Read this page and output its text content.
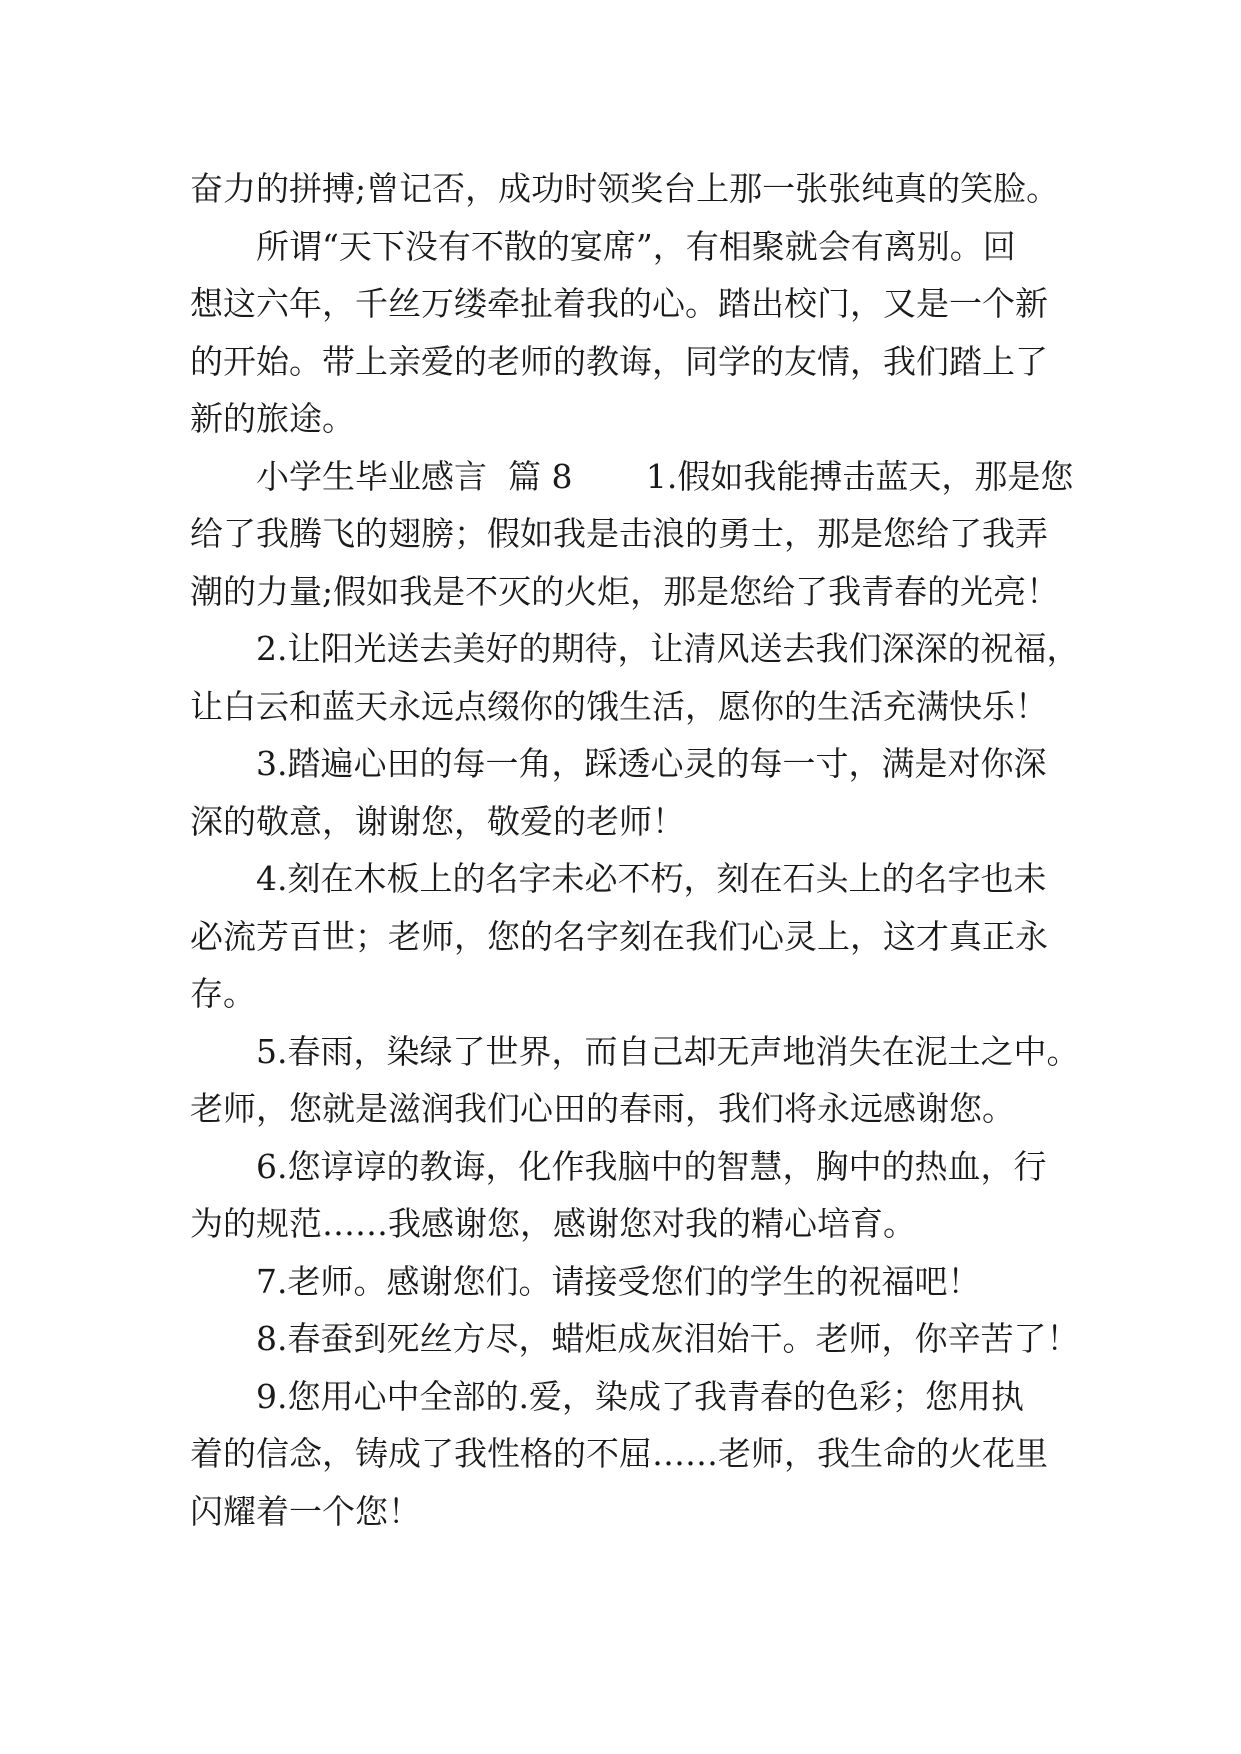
奋力的拼搏;曾记否，成功时领奖台上那一张张纯真的笑脸。
所谓“天下没有不散的宴席”，有相聚就会有离别。回
想这六年，千丝万缕牵扯着我的心。踏出校门，又是一个新
的开始。带上亲爱的老师的教诲，同学的友情，我们踏上了
新的旅途。
小学生毕业感言  篇 8       1.假如我能搏击蓝天，那是您
给了我腾飞的翅膀；假如我是击浪的勇士，那是您给了我弄
潮的力量;假如我是不灭的火炬，那是您给了我青春的光亮！
2.让阳光送去美好的期待，让清风送去我们深深的祝福，
让白云和蓝天永远点缀你的饿生活，愿你的生活充满快乐！
3.踏遍心田的每一角，踩透心灵的每一寸，满是对你深
深的敬意，谢谢您，敬爱的老师！
4.刻在木板上的名字未必不朽，刻在石头上的名字也未
必流芳百世；老师，您的名字刻在我们心灵上，这才真正永
存。
5.春雨，染绿了世界，而自己却无声地消失在泥土之中。
老师，您就是滋润我们心田的春雨，我们将永远感谢您。
6.您谆谆的教诲，化作我脑中的智慧，胸中的热血，行
为的规范……我感谢您，感谢您对我的精心培育。
7.老师。感谢您们。请接受您们的学生的祝福吧！
8.春蚕到死丝方尽，蜡炬成灰泪始干。老师，你辛苦了！
9.您用心中全部的.爱，染成了我青春的色彩；您用执
着的信念，铸成了我性格的不屈……老师，我生命的火花里
闪耀着一个您！
